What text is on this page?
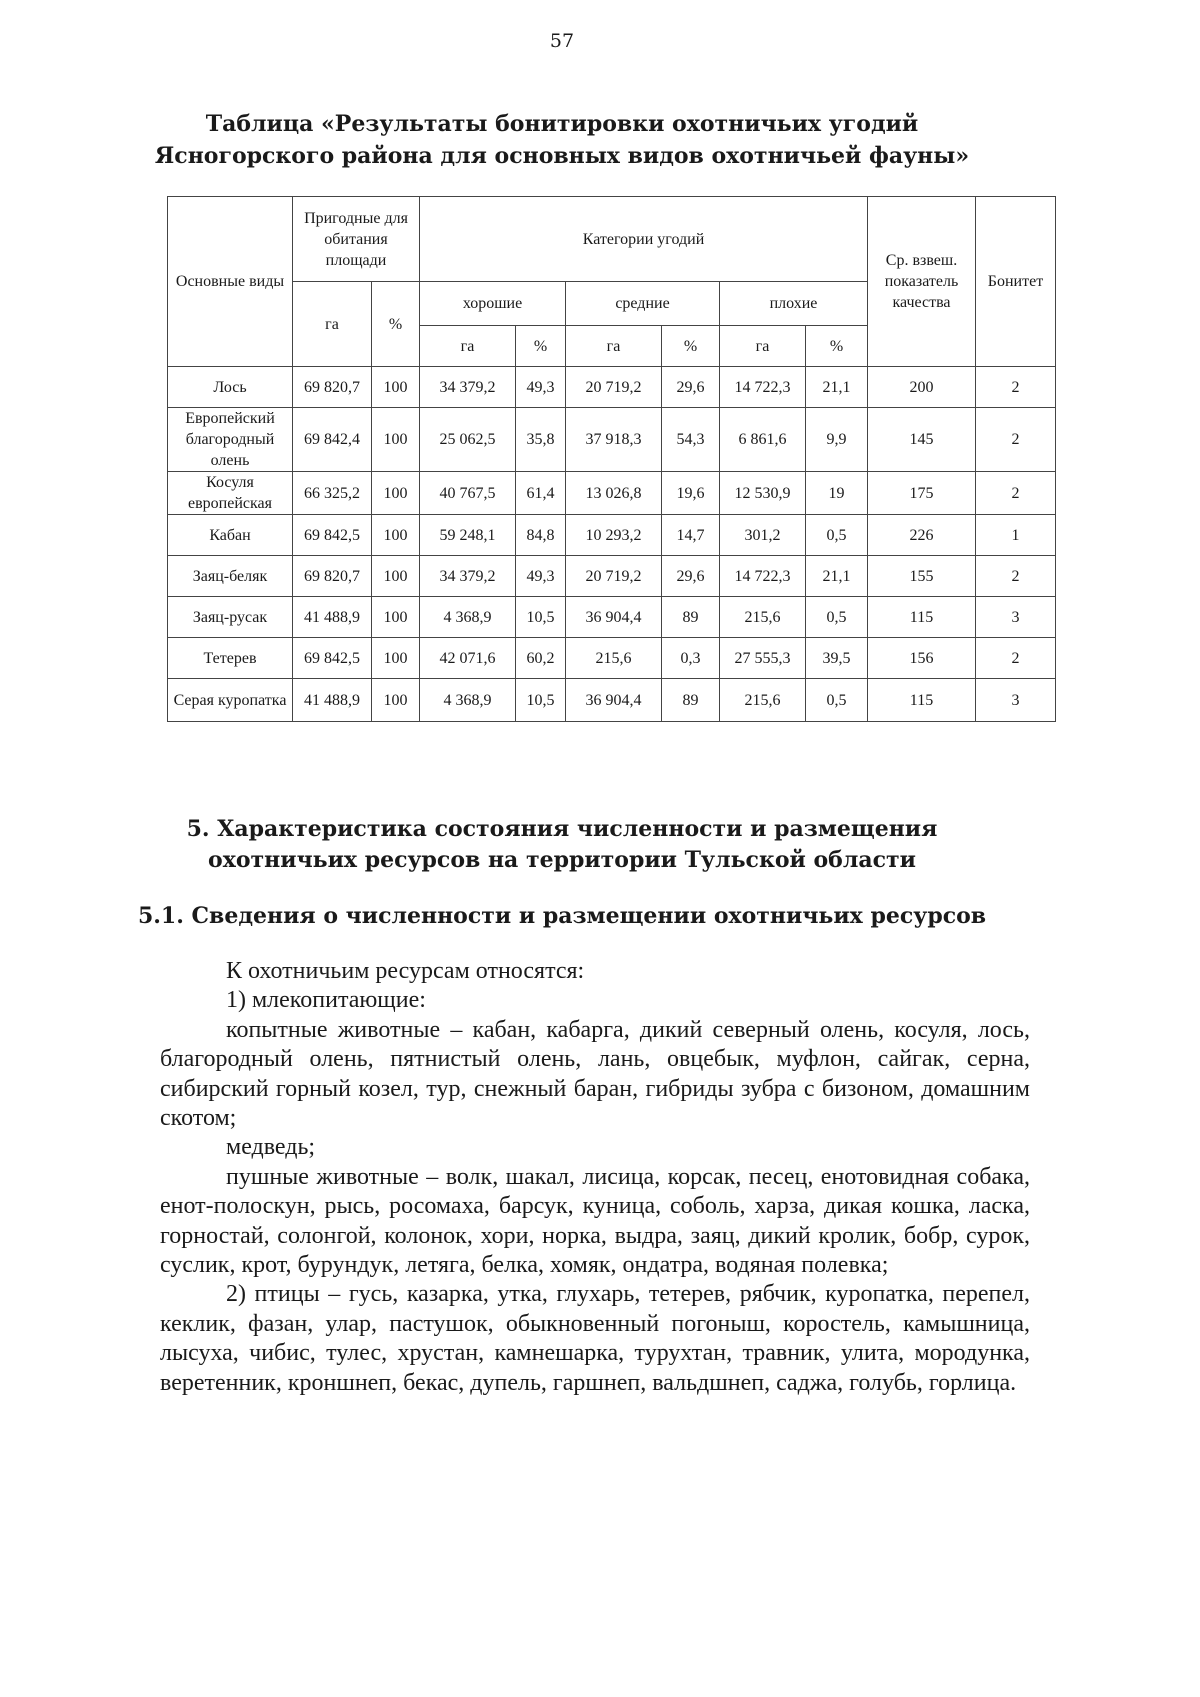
57
Таблица «Результаты бонитировки охотничьих угодий
Ясногорского района для основных видов охотничьей фауны»
Основные виды	Пригодные для обитания площади		Категории угодий						Ср. взвеш. показатель качества	Бонитет
	га	%	хорошие		средние		плохие			
			га	%	га	%	га	%		
Лось	69 820,7	100	34 379,2	49,3	20 719,2	29,6	14 722,3	21,1	200	2
Европейский благородный олень	69 842,4	100	25 062,5	35,8	37 918,3	54,3	6 861,6	9,9	145	2
Косуля европейская	66 325,2	100	40 767,5	61,4	13 026,8	19,6	12 530,9	19	175	2
Кабан	69 842,5	100	59 248,1	84,8	10 293,2	14,7	301,2	0,5	226	1
Заяц-беляк	69 820,7	100	34 379,2	49,3	20 719,2	29,6	14 722,3	21,1	155	2
Заяц-русак	41 488,9	100	4 368,9	10,5	36 904,4	89	215,6	0,5	115	3
Тетерев	69 842,5	100	42 071,6	60,2	215,6	0,3	27 555,3	39,5	156	2
Серая куропатка	41 488,9	100	4 368,9	10,5	36 904,4	89	215,6	0,5	115	3
5. Характеристика состояния численности и размещения
охотничьих ресурсов на территории Тульской области
5.1. Сведения о численности и размещении охотничьих ресурсов

К охотничьим ресурсам относятся:

1) млекопитающие:

копытные животные – кабан, кабарга, дикий северный олень, косуля, лось, благородный олень, пятнистый олень, лань, овцебык, муфлон, сайгак, серна, сибирский горный козел, тур, снежный баран, гибриды зубра с бизоном, домашним скотом;

медведь;

пушные животные – волк, шакал, лисица, корсак, песец, енотовидная собака, енот-полоскун, рысь, росомаха, барсук, куница, соболь, харза, дикая кошка, ласка, горностай, солонгой, колонок, хори, норка, выдра, заяц, дикий кролик, бобр, сурок, суслик, крот, бурундук, летяга, белка, хомяк, ондатра, водяная полевка;

2) птицы – гусь, казарка, утка, глухарь, тетерев, рябчик, куропатка, перепел, кеклик, фазан, улар, пастушок, обыкновенный погоныш, коростель, камышница, лысуха, чибис, тулес, хрустан, камнешарка, турухтан, травник, улита, мородунка, веретенник, кроншнеп, бекас, дупель, гаршнеп, вальдшнеп, саджа, голубь, горлица.
